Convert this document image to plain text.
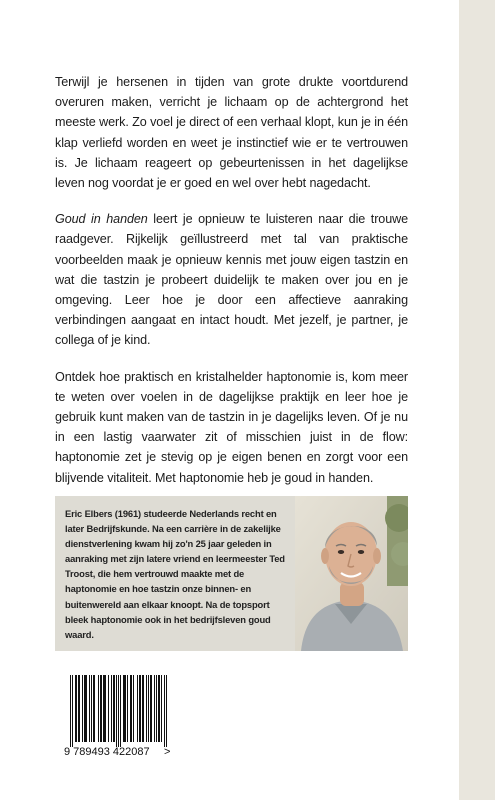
Terwijl je hersenen in tijden van grote drukte voortdurend overuren maken, verricht je lichaam op de achtergrond het meeste werk. Zo voel je direct of een verhaal klopt, kun je in één klap verliefd worden en weet je instinctief wie er te vertrouwen is. Je lichaam reageert op gebeurtenissen in het dagelijkse leven nog voordat je er goed en wel over hebt nagedacht.

Goud in handen leert je opnieuw te luisteren naar die trouwe raadgever. Rijkelijk geïllustreerd met tal van praktische voorbeelden maak je opnieuw kennis met jouw eigen tastzin en wat die tastzin je probeert duidelijk te maken over jou en je omgeving. Leer hoe je door een affectieve aanraking verbindingen aangaat en intact houdt. Met jezelf, je partner, je collega of je kind.

Ontdek hoe praktisch en kristalhelder haptonomie is, kom meer te weten over voelen in de dagelijkse praktijk en leer hoe je gebruik kunt maken van de tastzin in je dagelijks leven. Of je nu in een lastig vaarwater zit of misschien juist in de flow: haptonomie zet je stevig op je eigen benen en zorgt voor een blijvende vitaliteit. Met haptonomie heb je goud in handen.

Eric Elbers (1961) studeerde Nederlands recht en later Bedrijfskunde. Na een carrière in de zakelijke dienstverlening kwam hij zo'n 25 jaar geleden in aanraking met zijn latere vriend en leermeester Ted Troost, die hem vertrouwd maakte met de haptonomie en hoe tastzin onze binnen- en buitenwereld aan elkaar knoopt. Na de topsport bleek haptonomie ook in het bedrijfsleven goud waard.
9 789493 422087 >
